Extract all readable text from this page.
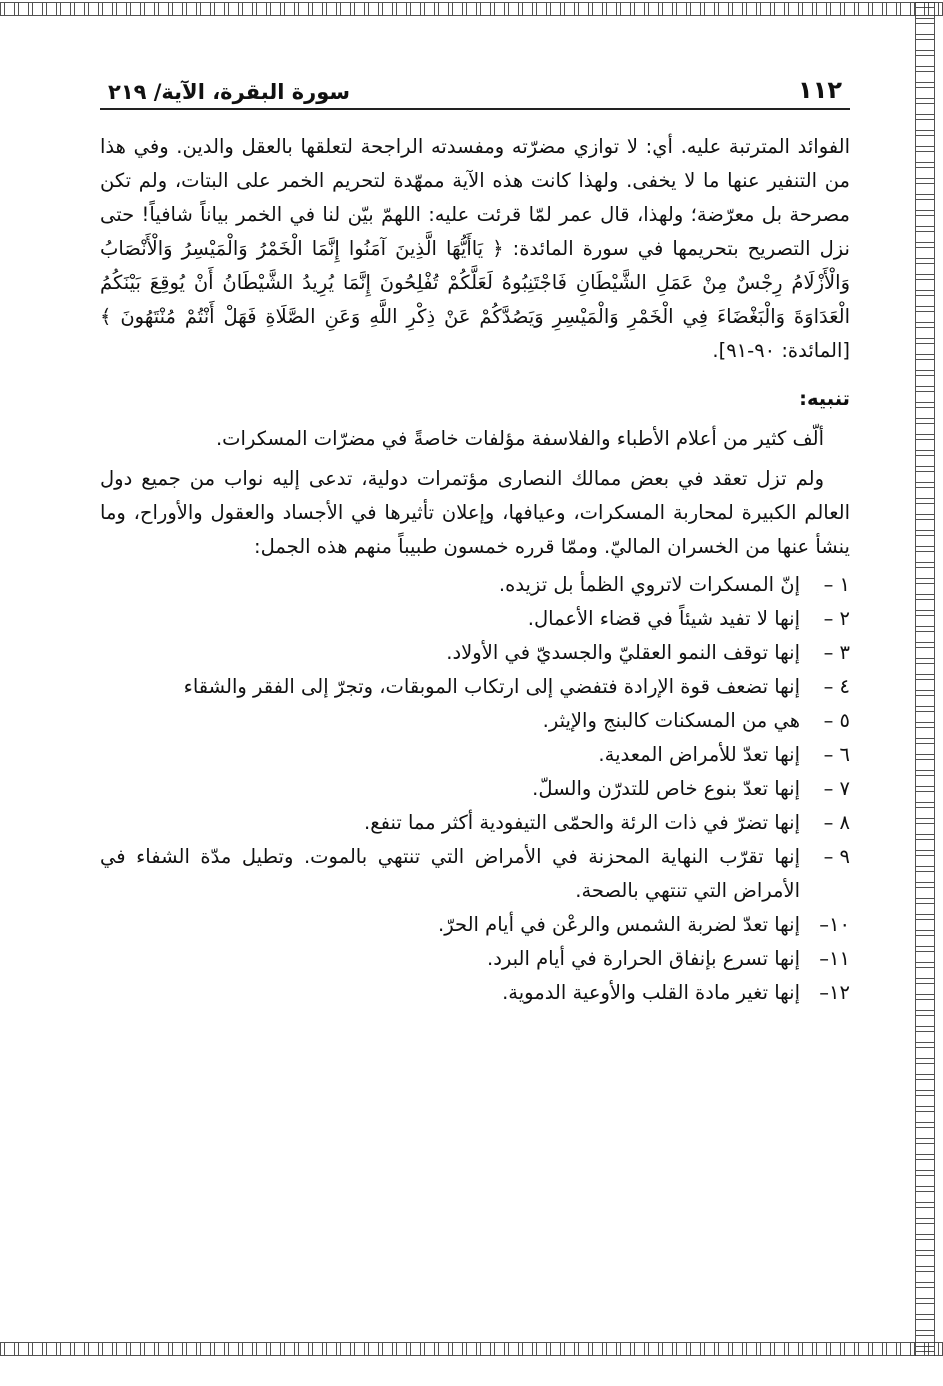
١١٢
سورة البقرة، الآية/ ٢١٩

الفوائد المترتبة عليه. أي: لا توازي مضرّته ومفسدته الراجحة لتعلقها بالعقل والدين. وفي هذا من التنفير عنها ما لا يخفى. ولهذا كانت هذه الآية ممهّدة لتحريم الخمر على البتات، ولم تكن مصرحة بل معرّضة؛ ولهذا، قال عمر لمّا قرئت عليه: اللهمّ بيّن لنا في الخمر بياناً شافياً! حتى نزل التصريح بتحريمها في سورة المائدة: ﴿ يَاأَيُّهَا الَّذِينَ آمَنُوا إِنَّمَا الْخَمْرُ وَالْمَيْسِرُ وَالْأَنْصَابُ وَالْأَزْلَامُ رِجْسٌ مِنْ عَمَلِ الشَّيْطَانِ فَاجْتَنِبُوهُ لَعَلَّكُمْ تُفْلِحُونَ إِنَّمَا يُرِيدُ الشَّيْطَانُ أَنْ يُوقِعَ بَيْنَكُمُ الْعَدَاوَةَ وَالْبَغْضَاءَ فِي الْخَمْرِ وَالْمَيْسِرِ وَيَصُدَّكُمْ عَنْ ذِكْرِ اللَّهِ وَعَنِ الصَّلَاةِ فَهَلْ أَنْتُمْ مُنْتَهُونَ ﴾ [المائدة: ٩٠-٩١].

تنبيه:

ألّف كثير من أعلام الأطباء والفلاسفة مؤلفات خاصةً في مضرّات المسكرات.

ولم تزل تعقد في بعض ممالك النصارى مؤتمرات دولية، تدعى إليه نواب من جميع دول العالم الكبيرة لمحاربة المسكرات، وعيافها، وإعلان تأثيرها في الأجساد والعقول والأوراح، وما ينشأ عنها من الخسران الماليّ. وممّا قرره خمسون طبيباً منهم هذه الجمل:

١ –
إنّ المسكرات لاتروي الظمأ بل تزيده.
٢ –
إنها لا تفيد شيئاً في قضاء الأعمال.
٣ –
إنها توقف النمو العقليّ والجسديّ في الأولاد.
٤ –
إنها تضعف قوة الإرادة فتفضي إلى ارتكاب الموبقات، وتجرّ إلى الفقر والشقاء
٥ –
هي من المسكنات كالبنج والإيثر.
٦ –
إنها تعدّ للأمراض المعدية.
٧ –
إنها تعدّ بنوع خاص للتدرّن والسلّ.
٨ –
إنها تضرّ في ذات الرئة والحمّى التيفودية أكثر مما تنفع.
٩ –
إنها تقرّب النهاية المحزنة في الأمراض التي تنتهي بالموت. وتطيل مدّة الشفاء في الأمراض التي تنتهي بالصحة.
١٠–
إنها تعدّ لضربة الشمس والرعْن في أيام الحرّ.
١١–
إنها تسرع بإنفاق الحرارة في أيام البرد.
١٢–
إنها تغير مادة القلب والأوعية الدموية.
